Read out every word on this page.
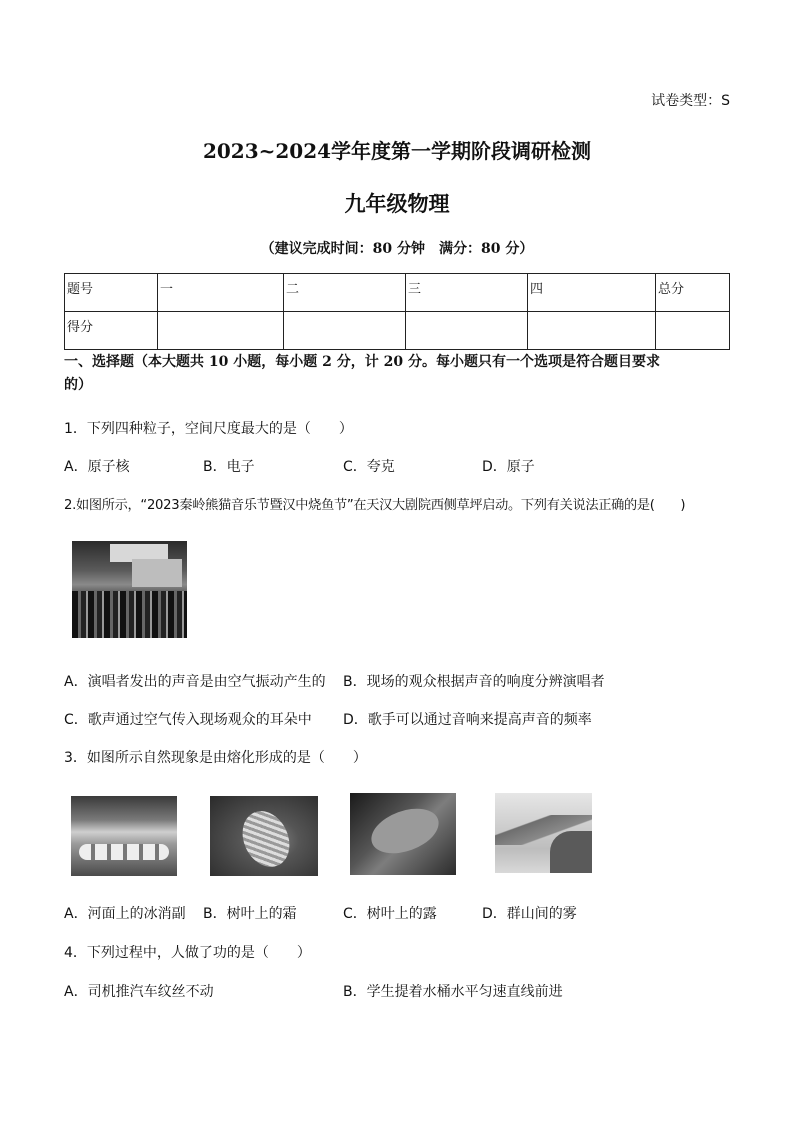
试卷类型：S
2023~2024学年度第一学期阶段调研检测
九年级物理
（建议完成时间：80 分钟　满分：80 分）
题号	一	二	三	四	总分
得分					
一、选择题（本大题共 10 小题，每小题 2 分，计 20 分。每小题只有一个选项是符合题目要求
的）
1．下列四种粒子，空间尺度最大的是（　　）
A．原子核	B．电子	C．夸克	D．原子
2.如图所示，“2023秦岭熊猫音乐节暨汉中烧鱼节”在天汉大剧院西侧草坪启动。下列有关说法正确的是(　　)
A．演唱者发出的声音是由空气振动产生的 B．现场的观众根据声音的响度分辨演唱者
C．歌声通过空气传入现场观众的耳朵中 D．歌手可以通过音响来提高声音的频率
3．如图所示自然现象是由熔化形成的是（　　）
A．河面上的冰消副 B．树叶上的霜	C．树叶上的露	D．群山间的雾
4．下列过程中，人做了功的是（　　）
A．司机推汽车纹丝不动	B．学生提着水桶水平匀速直线前进
